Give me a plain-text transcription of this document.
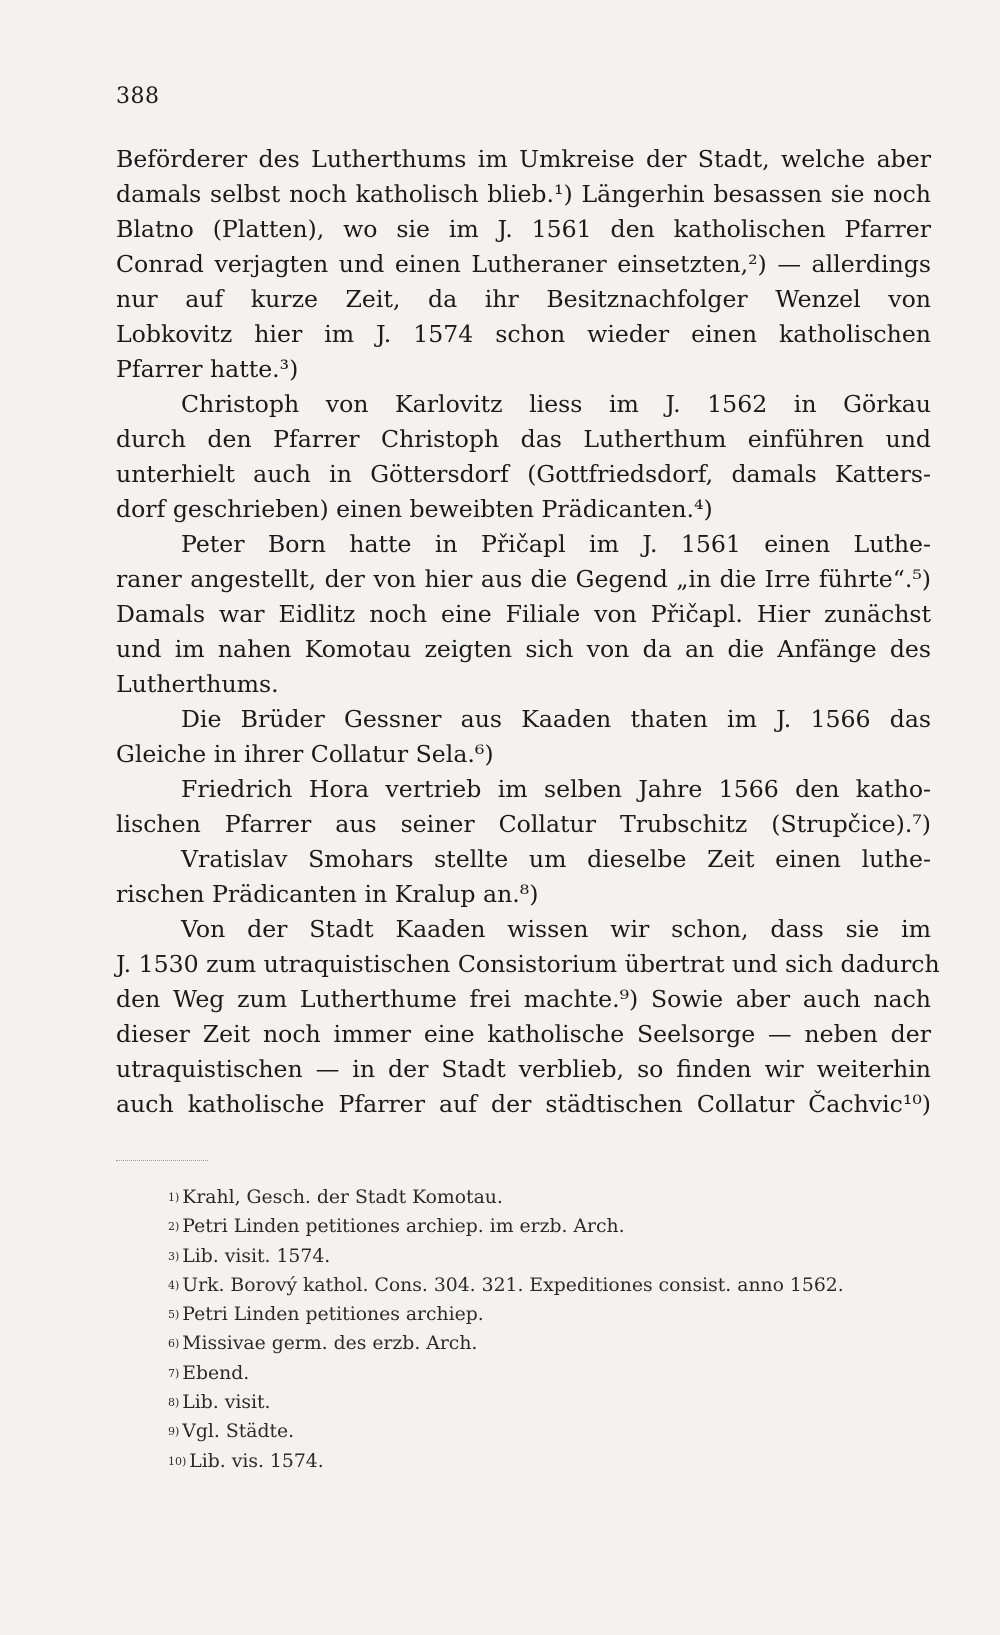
388
Beförderer des Lutherthums im Umkreise der Stadt, welche aber
damals selbst noch katholisch blieb.¹) Längerhin besassen sie noch
Blatno (Platten), wo sie im J. 1561 den katholischen Pfarrer
Conrad verjagten und einen Lutheraner einsetzten,²) — allerdings
nur auf kurze Zeit, da ihr Besitznachfolger Wenzel von
Lobkovitz hier im J. 1574 schon wieder einen katholischen
Pfarrer hatte.³)
Christoph von Karlovitz liess im J. 1562 in Görkau
durch den Pfarrer Christoph das Lutherthum einführen und
unterhielt auch in Göttersdorf (Gottfriedsdorf, damals Katters-
dorf geschrieben) einen beweibten Prädicanten.⁴)
Peter Born hatte in Přičapl im J. 1561 einen Luthe-
raner angestellt, der von hier aus die Gegend „in die Irre führte“.⁵)
Damals war Eidlitz noch eine Filiale von Přičapl. Hier zunächst
und im nahen Komotau zeigten sich von da an die Anfänge des
Lutherthums.
Die Brüder Gessner aus Kaaden thaten im J. 1566 das
Gleiche in ihrer Collatur Sela.⁶)
Friedrich Hora vertrieb im selben Jahre 1566 den katho-
lischen Pfarrer aus seiner Collatur Trubschitz (Strupčice).⁷)
Vratislav Smohars stellte um dieselbe Zeit einen luthe-
rischen Prädicanten in Kralup an.⁸)
Von der Stadt Kaaden wissen wir schon, dass sie im
J. 1530 zum utraquistischen Consistorium übertrat und sich dadurch
den Weg zum Lutherthume frei machte.⁹) Sowie aber auch nach
dieser Zeit noch immer eine katholische Seelsorge — neben der
utraquistischen — in der Stadt verblieb, so finden wir weiterhin
auch katholische Pfarrer auf der städtischen Collatur Čachvic¹⁰)
$^{1)}$ Krahl, Gesch. der Stadt Komotau.
$^{2)}$ Petri Linden petitiones archiep. im erzb. Arch.
$^{3)}$ Lib. visit. 1574.
$^{4)}$ Urk. Borový kathol. Cons. 304. 321. Expeditiones consist. anno 1562.
$^{5)}$ Petri Linden petitiones archiep.
$^{6)}$ Missivae germ. des erzb. Arch.
$^{7)}$ Ebend.
$^{8)}$ Lib. visit.
$^{9)}$ Vgl. Städte.
$^{10)}$ Lib. vis. 1574.
